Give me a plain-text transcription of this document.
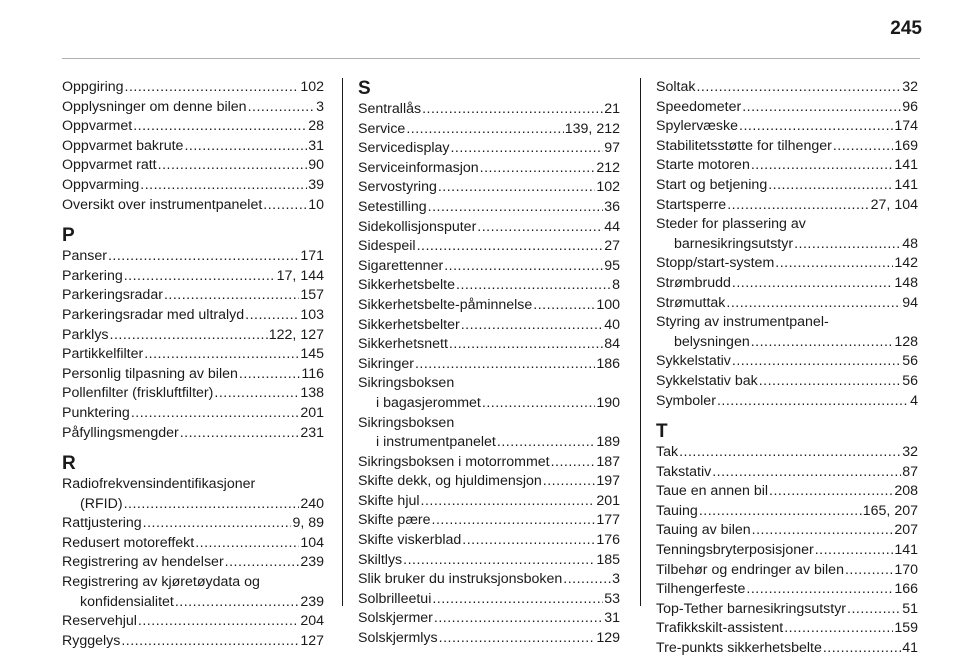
245
Oppgiring .....	102
Opplysninger om denne bilen .....	3
Oppvarmet .....	28
Oppvarmet bakrute .....	31
Oppvarmet ratt .....	90
Oppvarming .....	39
Oversikt over instrumentpanelet .....	10
P
Panser .....	171
Parkering .....	17, 144
Parkeringsradar .....	157
Parkeringsradar med ultralyd .....	103
Parklys .....	122, 127
Partikkelfilter .....	145
Personlig tilpasning av bilen .....	116
Pollenfilter (friskluftfilter) .....	138
Punktering .....	201
Påfyllingsmengder .....	231
R
Radiofrekvensindentifikasjoner
(RFID) .....	240
Rattjustering .....	9, 89
Redusert motoreffekt .....	104
Registrering av hendelser .....	239
Registrering av kjøretøydata og
konfidensialitet .....	239
Reservehjul .....	204
Ryggelys .....	127
S
Sentrallås .....	21
Service .....	139, 212
Servicedisplay .....	97
Serviceinformasjon .....	212
Servostyring .....	102
Setestilling .....	36
Sidekollisjonsputer .....	44
Sidespeil .....	27
Sigarettenner .....	95
Sikkerhetsbelte .....	8
Sikkerhetsbelte-påminnelse .....	100
Sikkerhetsbelter .....	40
Sikkerhetsnett .....	84
Sikringer .....	186
Sikringsboksen
i bagasjerommet .....	190
Sikringsboksen
i instrumentpanelet .....	189
Sikringsboksen i motorrommet .....	187
Skifte dekk, og hjuldimensjon .....	197
Skifte hjul .....	201
Skifte pære .....	177
Skifte viskerblad .....	176
Skiltlys .....	185
Slik bruker du instruksjonsboken .....	3
Solbrilleetui .....	53
Solskjermer .....	31
Solskjermlys .....	129
Soltak .....	32
Speedometer .....	96
Spylervæske .....	174
Stabilitetsstøtte for tilhenger .....	169
Starte motoren .....	141
Start og betjening .....	141
Startsperre .....	27, 104
Steder for plassering av
barnesikringsutstyr .....	48
Stopp/start-system .....	142
Strømbrudd .....	148
Strømuttak .....	94
Styring av instrumentpanel-
belysningen .....	128
Sykkelstativ .....	56
Sykkelstativ bak .....	56
Symboler .....	4
T
Tak .....	32
Takstativ .....	87
Taue en annen bil .....	208
Tauing .....	165, 207
Tauing av bilen .....	207
Tenningsbryterposisjoner .....	141
Tilbehør og endringer av bilen .....	170
Tilhengerfeste .....	166
Top-Tether barnesikringsutstyr .....	51
Trafikkskilt-assistent .....	159
Tre-punkts sikkerhetsbelte .....	41
